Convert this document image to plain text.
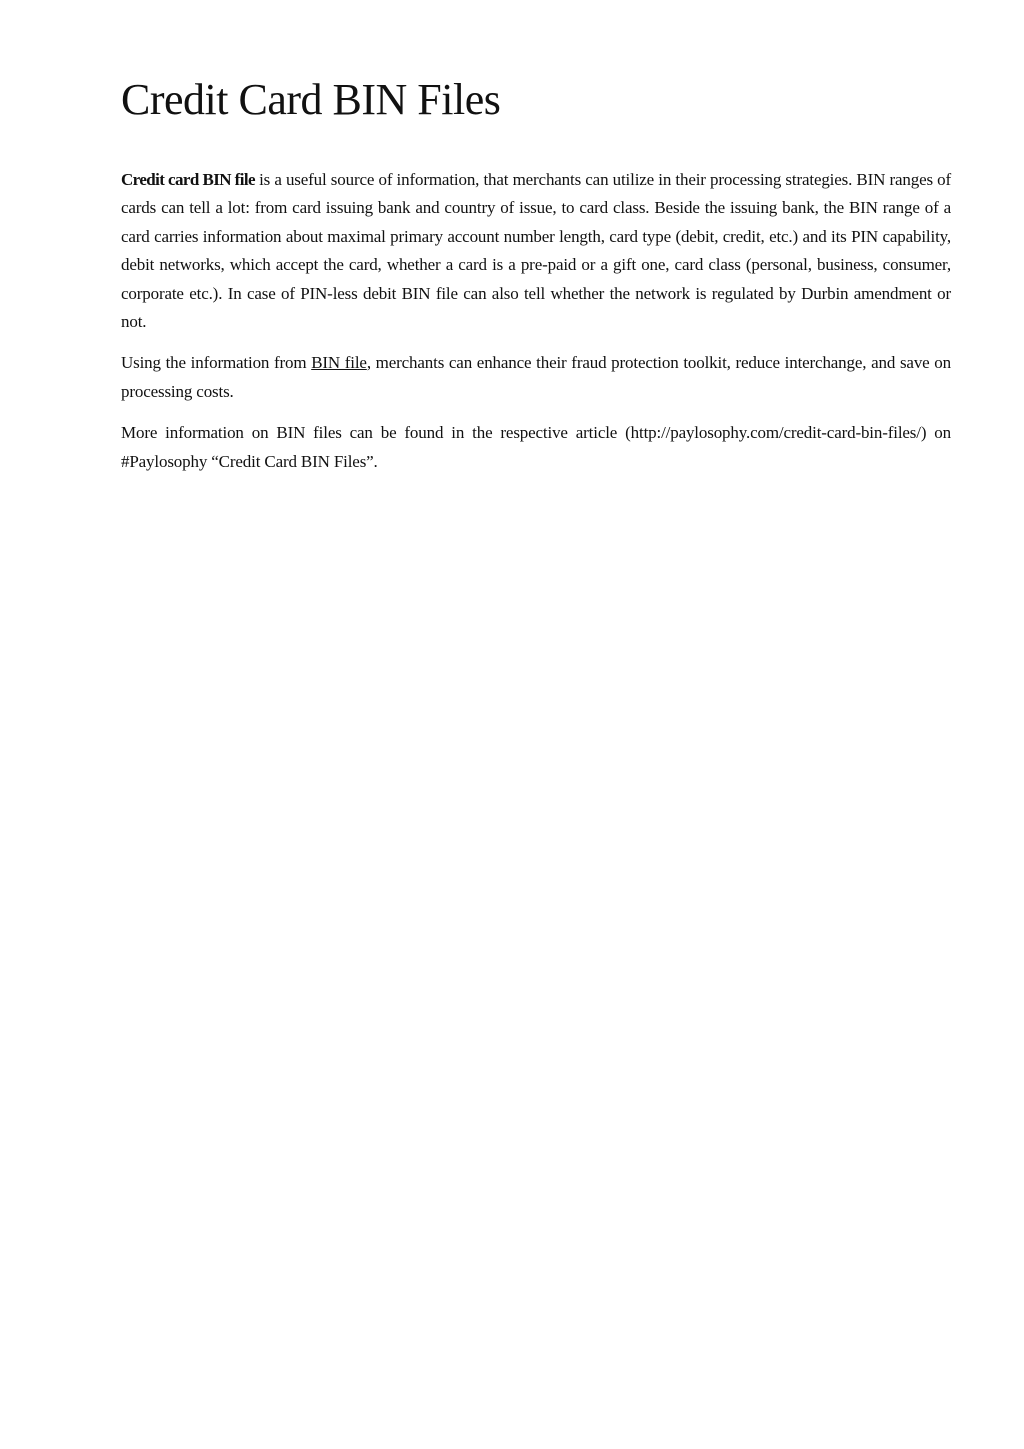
Credit Card BIN Files

Credit card BIN file is a useful source of information, that merchants can utilize in their processing strategies. BIN ranges of cards can tell a lot: from card issuing bank and country of issue, to card class. Beside the issuing bank, the BIN range of a card carries information about maximal primary account number length, card type (debit, credit, etc.) and its PIN capability, debit networks, which accept the card, whether a card is a pre-paid or a gift one, card class (personal, business, consumer, corporate etc.). In case of PIN-less debit BIN file can also tell whether the network is regulated by Durbin amendment or not.

Using the information from BIN file, merchants can enhance their fraud protection toolkit, reduce interchange, and save on processing costs.

More information on BIN files can be found in the respective article (http://paylosophy.com/credit-card-bin-files/) on #Paylosophy “Credit Card BIN Files”.
